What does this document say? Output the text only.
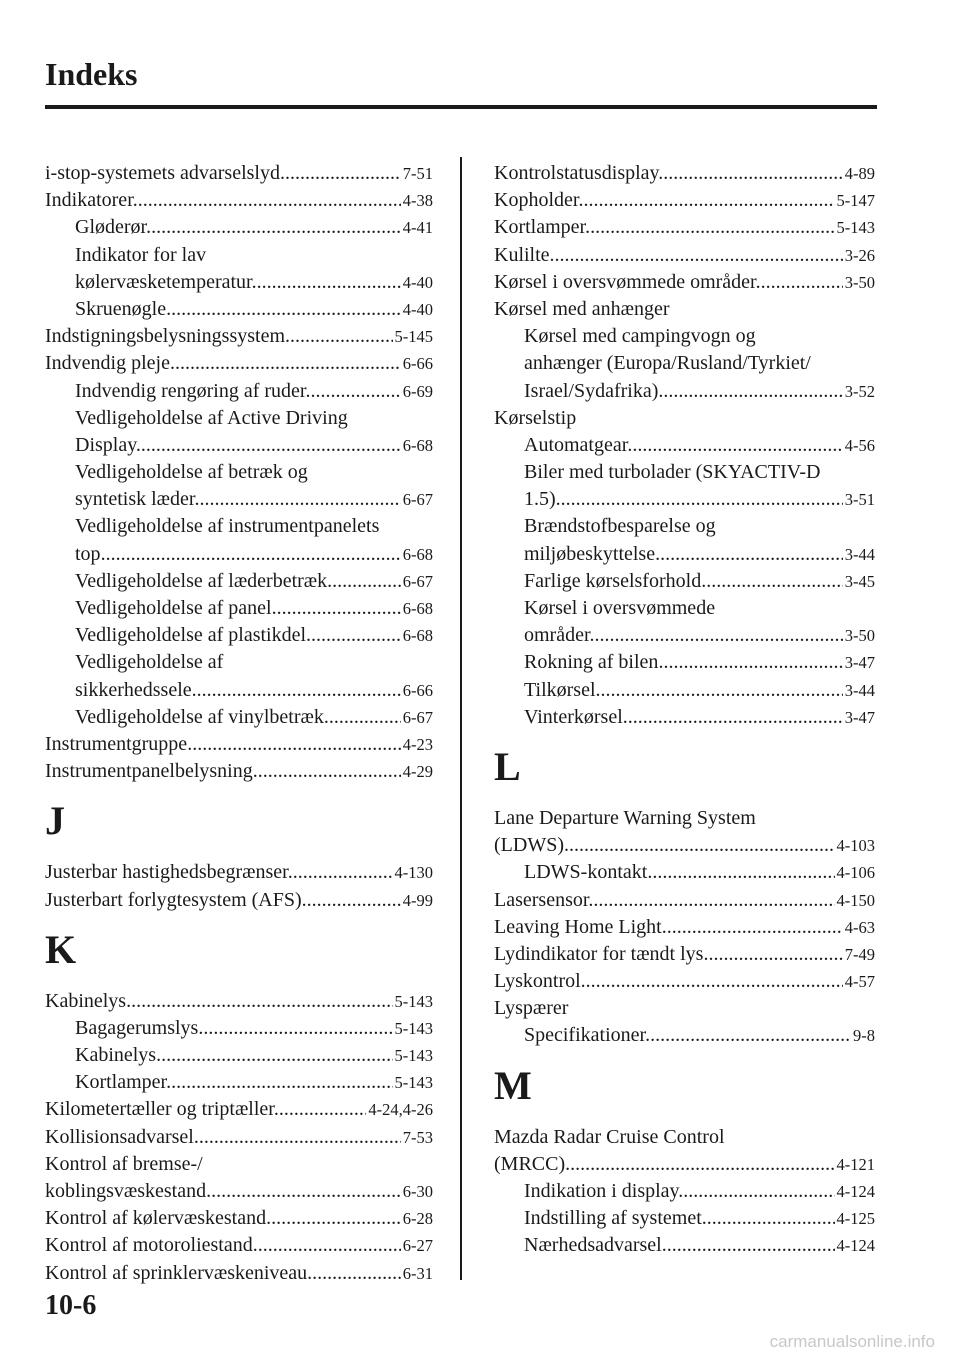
Indeks
i-stop-systemets advarselslyd .....	7-51
Indikatorer .....	4-38
Gløderør .....	4-41
Indikator for lav
kølervæsketemperatur .....	4-40
Skruenøgle .....	4-40
Indstigningsbelysningssystem .....	5-145
Indvendig pleje .....	6-66
Indvendig rengøring af ruder .....	6-69
Vedligeholdelse af Active Driving
Display .....	6-68
Vedligeholdelse af betræk og
syntetisk læder .....	6-67
Vedligeholdelse af instrumentpanelets
top .....	6-68
Vedligeholdelse af læderbetræk .....	6-67
Vedligeholdelse af panel .....	6-68
Vedligeholdelse af plastikdel .....	6-68
Vedligeholdelse af
sikkerhedssele .....	6-66
Vedligeholdelse af vinylbetræk .....	6-67
Instrumentgruppe .....	4-23
Instrumentpanelbelysning .....	4-29
J
Justerbar hastighedsbegrænser .....	4-130
Justerbart forlygtesystem (AFS) .....	4-99
K
Kabinelys .....	5-143
Bagagerumslys .....	5-143
Kabinelys .....	5-143
Kortlamper .....	5-143
Kilometertæller og triptæller .....	4-24,4-26
Kollisionsadvarsel .....	7-53
Kontrol af bremse-/
koblingsvæskestand .....	6-30
Kontrol af kølervæskestand .....	6-28
Kontrol af motoroliestand .....	6-27
Kontrol af sprinklervæskeniveau .....	6-31
Kontrolstatusdisplay .....	4-89
Kopholder .....	5-147
Kortlamper .....	5-143
Kulilte .....	3-26
Kørsel i oversvømmede områder .....	3-50
Kørsel med anhænger
Kørsel med campingvogn og
anhænger (Europa/Rusland/Tyrkiet/
Israel/Sydafrika) .....	3-52
Kørselstip
Automatgear .....	4-56
Biler med turbolader (SKYACTIV-D
1.5) .....	3-51
Brændstofbesparelse og
miljøbeskyttelse .....	3-44
Farlige kørselsforhold .....	3-45
Kørsel i oversvømmede
områder .....	3-50
Rokning af bilen .....	3-47
Tilkørsel .....	3-44
Vinterkørsel .....	3-47
L
Lane Departure Warning System
(LDWS) .....	4-103
LDWS-kontakt .....	4-106
Lasersensor .....	4-150
Leaving Home Light .....	4-63
Lydindikator for tændt lys .....	7-49
Lyskontrol .....	4-57
Lyspærer
Specifikationer .....	9-8
M
Mazda Radar Cruise Control
(MRCC) .....	4-121
Indikation i display .....	4-124
Indstilling af systemet .....	4-125
Nærhedsadvarsel .....	4-124
10-6
carmanualsonline.info
